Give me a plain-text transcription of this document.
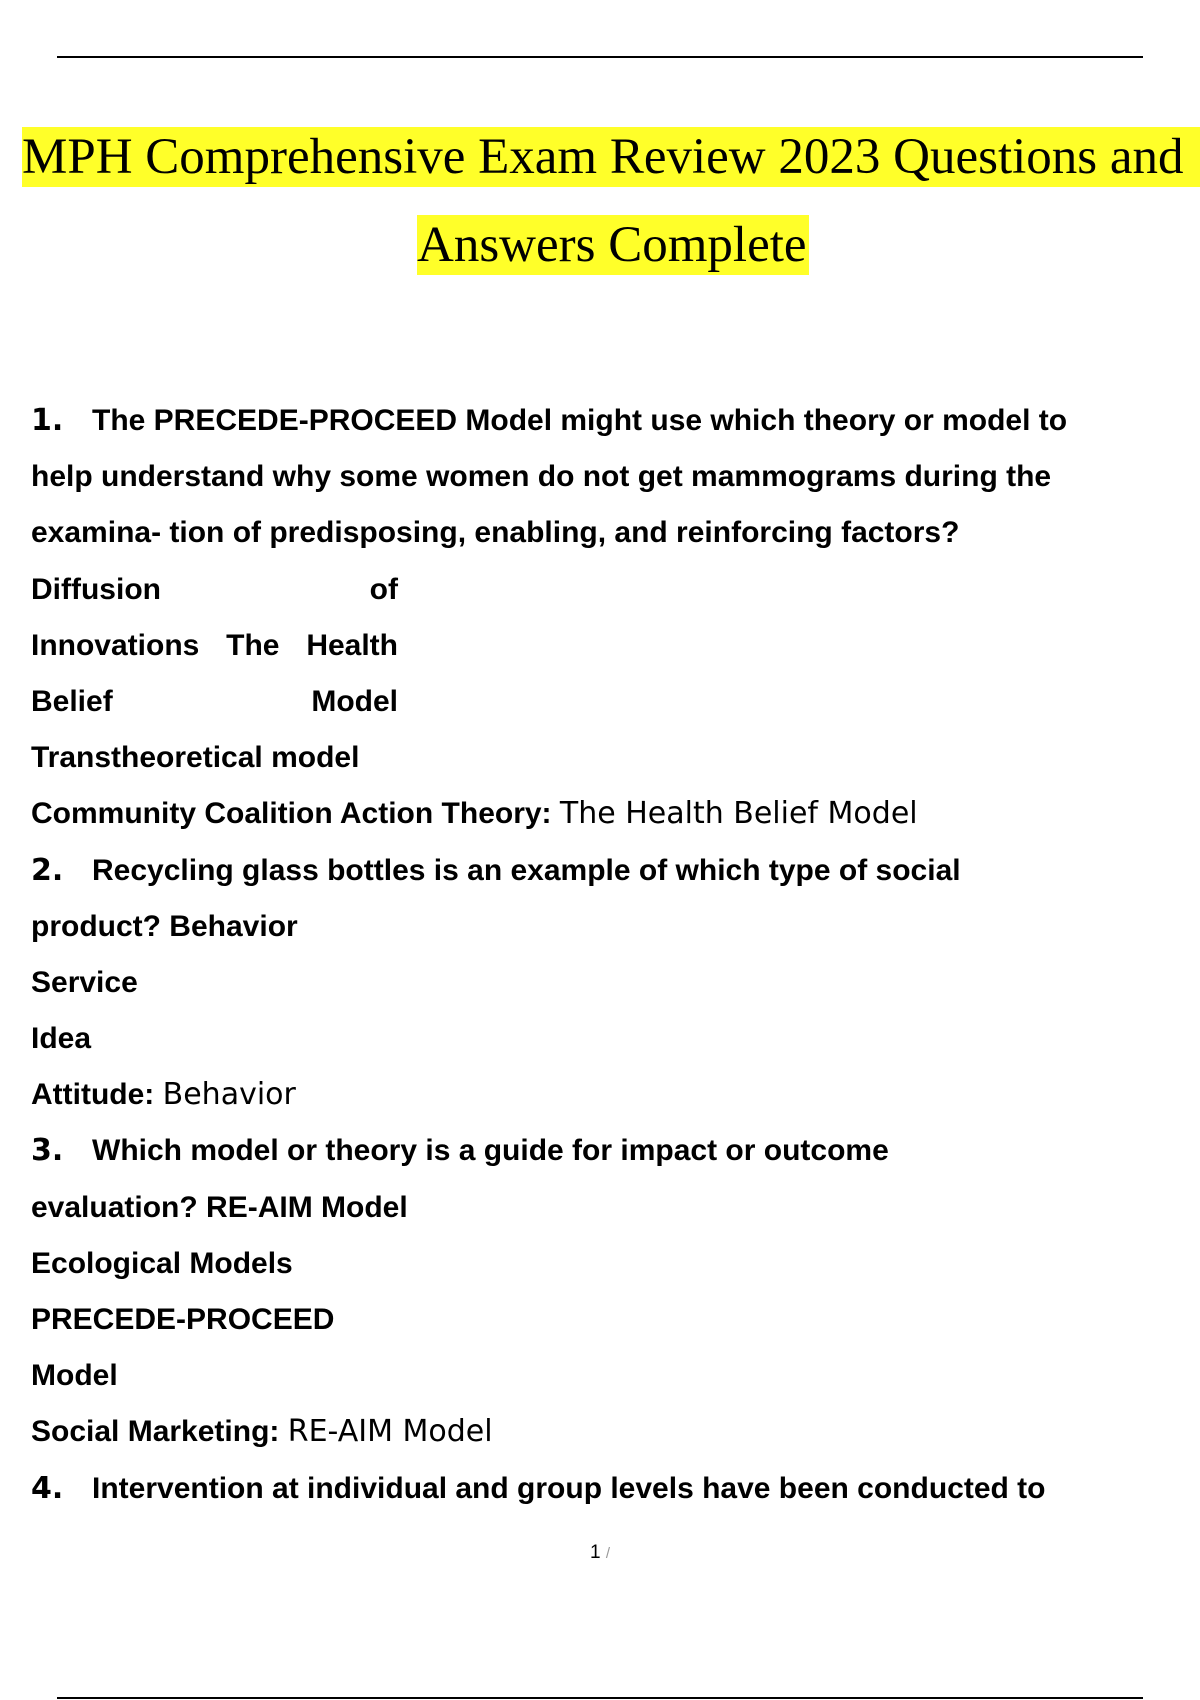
MPH Comprehensive Exam Review 2023 Questions and
Answers Complete
1. The PRECEDE-PROCEED Model might use which theory or model to
help understand why some women do not get mammograms during the
examina- tion of predisposing, enabling, and reinforcing factors?
Diffusion	of
Innovations The Health
Belief	Model
Transtheoretical model
Community Coalition Action Theory: The Health Belief Model
2. Recycling glass bottles is an example of which type of social
product? Behavior
Service
Idea
Attitude: Behavior
3. Which model or theory is a guide for impact or outcome
evaluation? RE-AIM Model
Ecological Models
PRECEDE-PROCEED
Model
Social Marketing: RE-AIM Model
4. Intervention at individual and group levels have been conducted to
1 /
